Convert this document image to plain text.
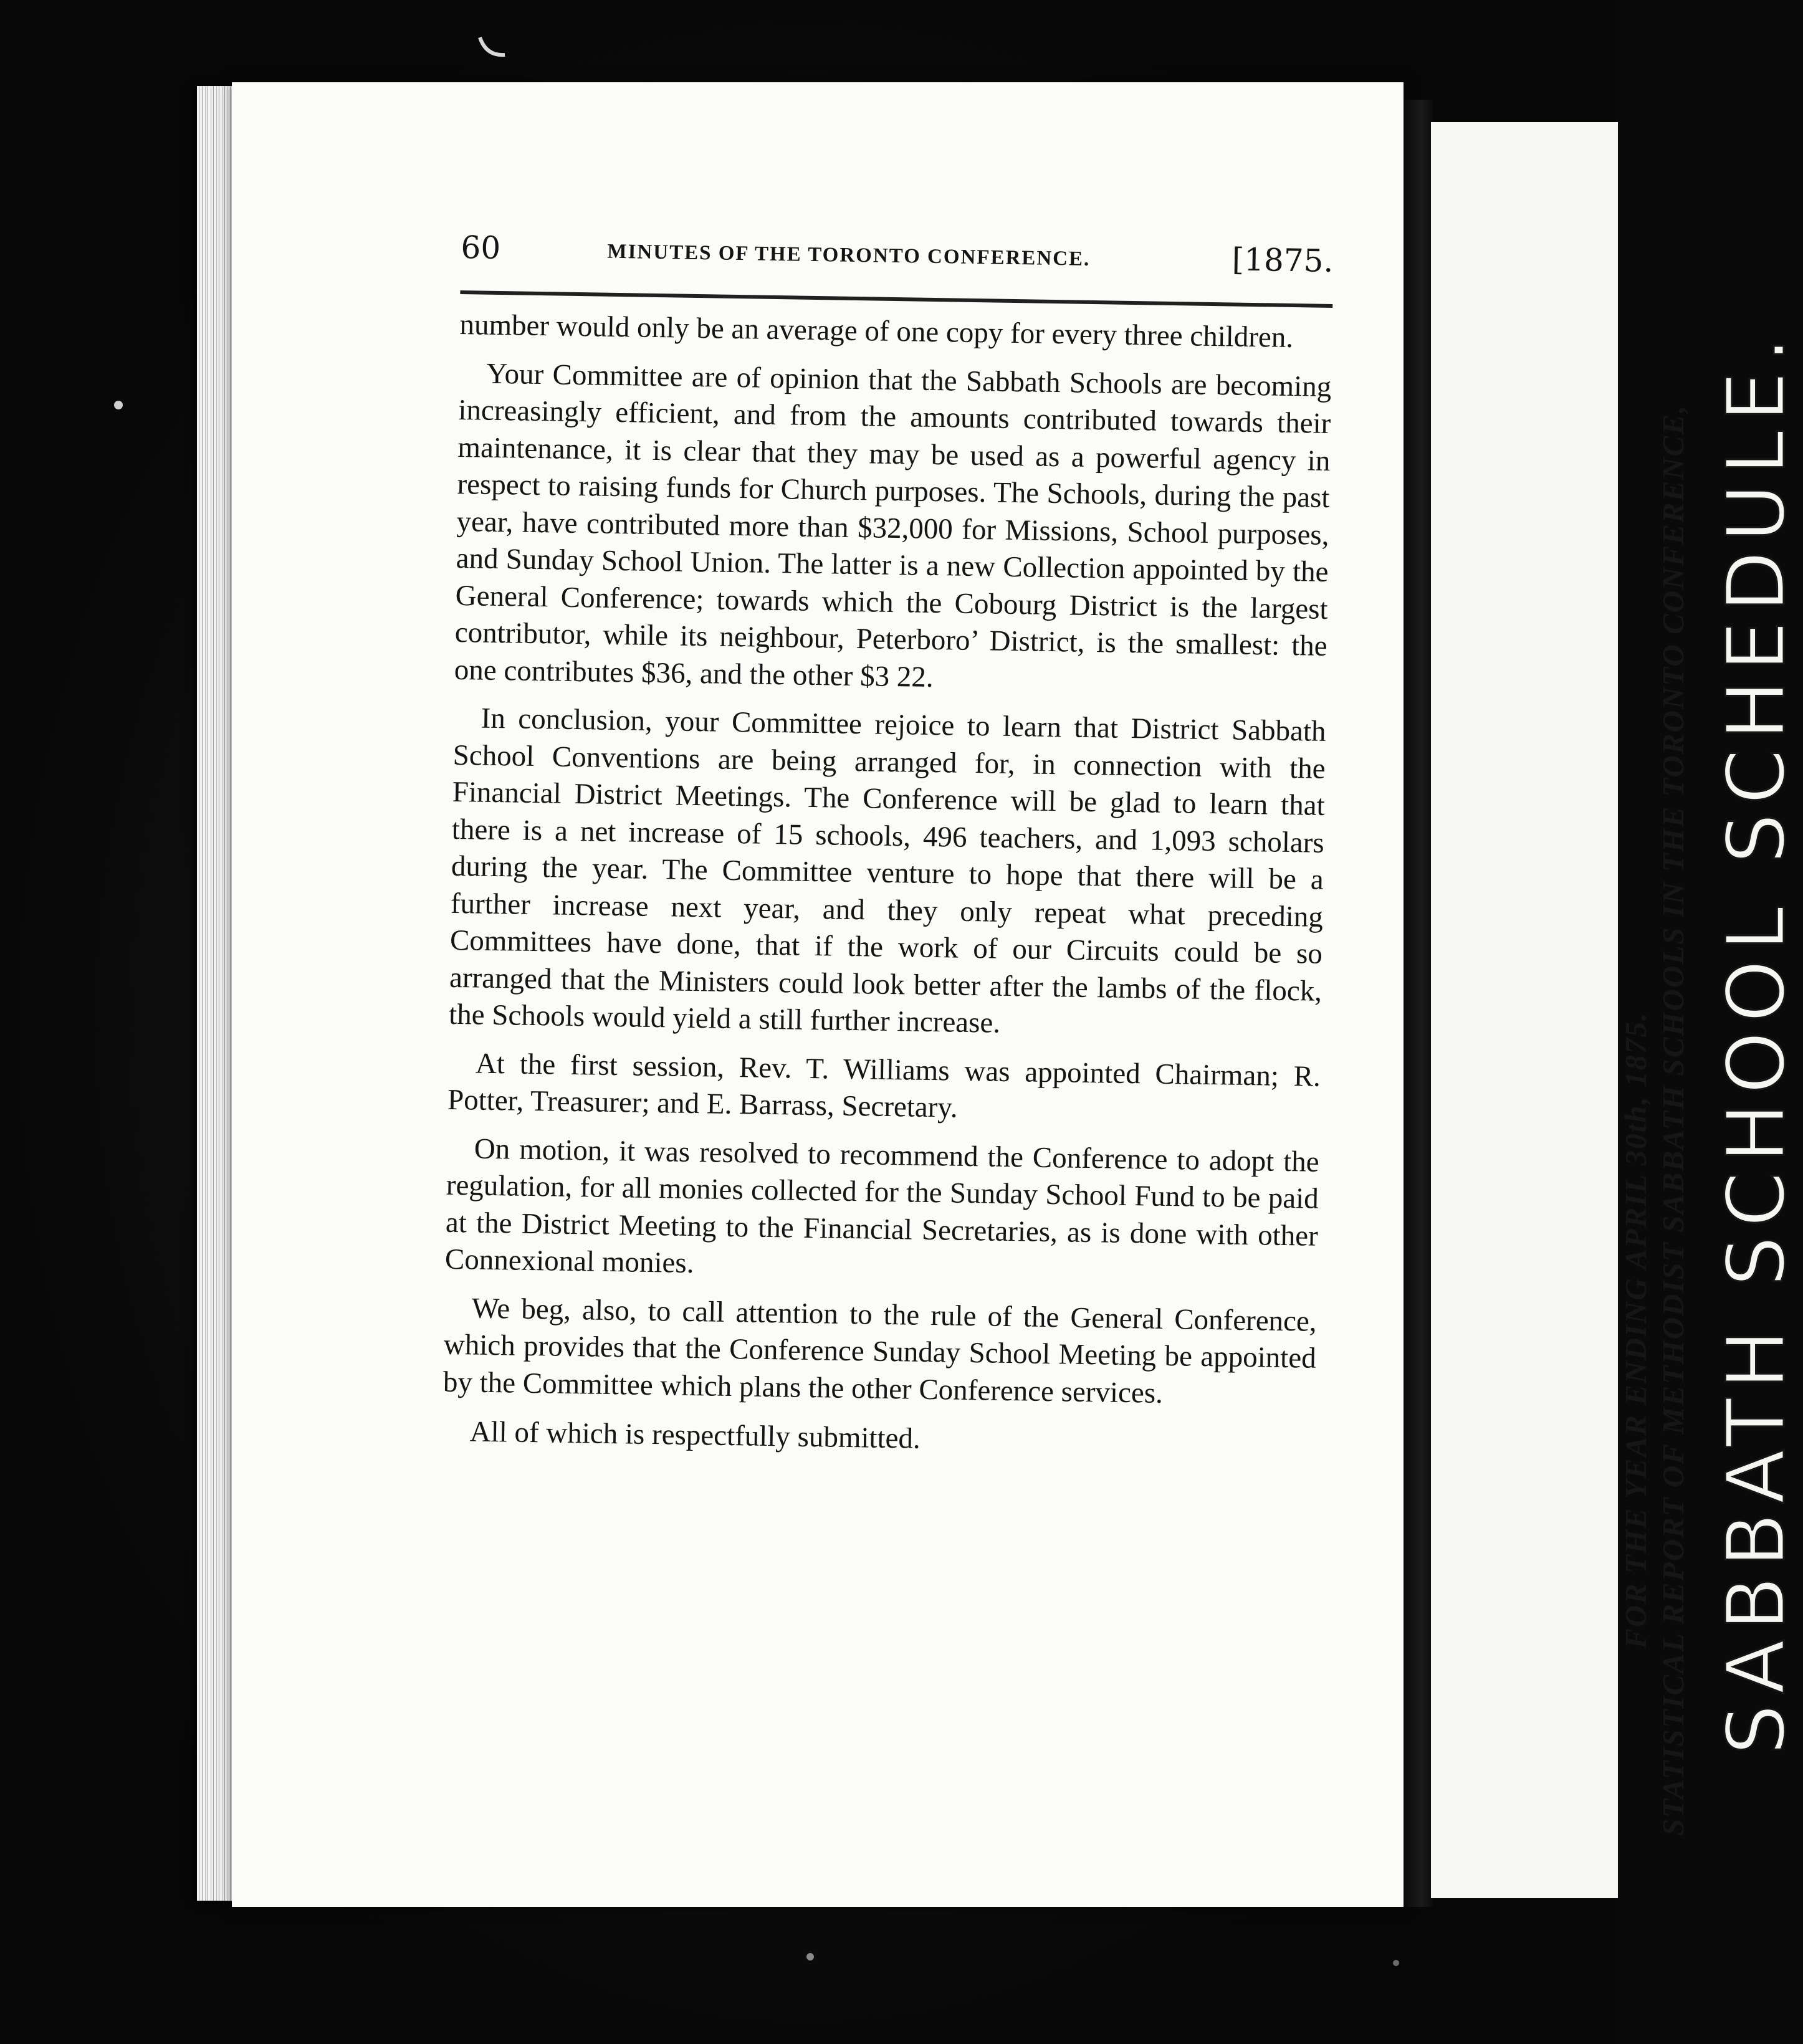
60	MINUTES OF THE TORONTO CONFERENCE.	[1875.

number would only be an average of one copy for every three children.

Your Committee are of opinion that the Sabbath Schools are becoming increasingly efficient, and from the amounts contributed towards their maintenance, it is clear that they may be used as a powerful agency in respect to raising funds for Church purposes. The Schools, during the past year, have contributed more than $32,000 for Missions, School purposes, and Sunday School Union. The latter is a new Collection appointed by the General Conference; towards which the Cobourg District is the largest contributor, while its neighbour, Peterboro’ District, is the smallest: the one contributes $36, and the other $3 22.

In conclusion, your Committee rejoice to learn that District Sabbath School Conventions are being arranged for, in connection with the Financial District Meetings. The Conference will be glad to learn that there is a net increase of 15 schools, 496 teachers, and 1,093 scholars during the year. The Committee venture to hope that there will be a further increase next year, and they only repeat what preceding Committees have done, that if the work of our Circuits could be so arranged that the Ministers could look better after the lambs of the flock, the Schools would yield a still further increase.

At the first session, Rev. T. Williams was appointed Chairman; R. Potter, Treasurer; and E. Barrass, Secretary.

On motion, it was resolved to recommend the Conference to adopt the regulation, for all monies collected for the Sunday School Fund to be paid at the District Meeting to the Financial Secretaries, as is done with other Connexional monies.

We beg, also, to call attention to the rule of the General Conference, which provides that the Conference Sunday School Meeting be appointed by the Committee which plans the other Conference services.

All of which is respectfully submitted.	FOR THE YEAR ENDING APRIL 30th, 1875. STATISTICAL REPORT OF METHODIST SABBATH SCHOOLS IN THE TORONTO CONFERENCE, SABBATH SCHOOL SCHEDULE.
